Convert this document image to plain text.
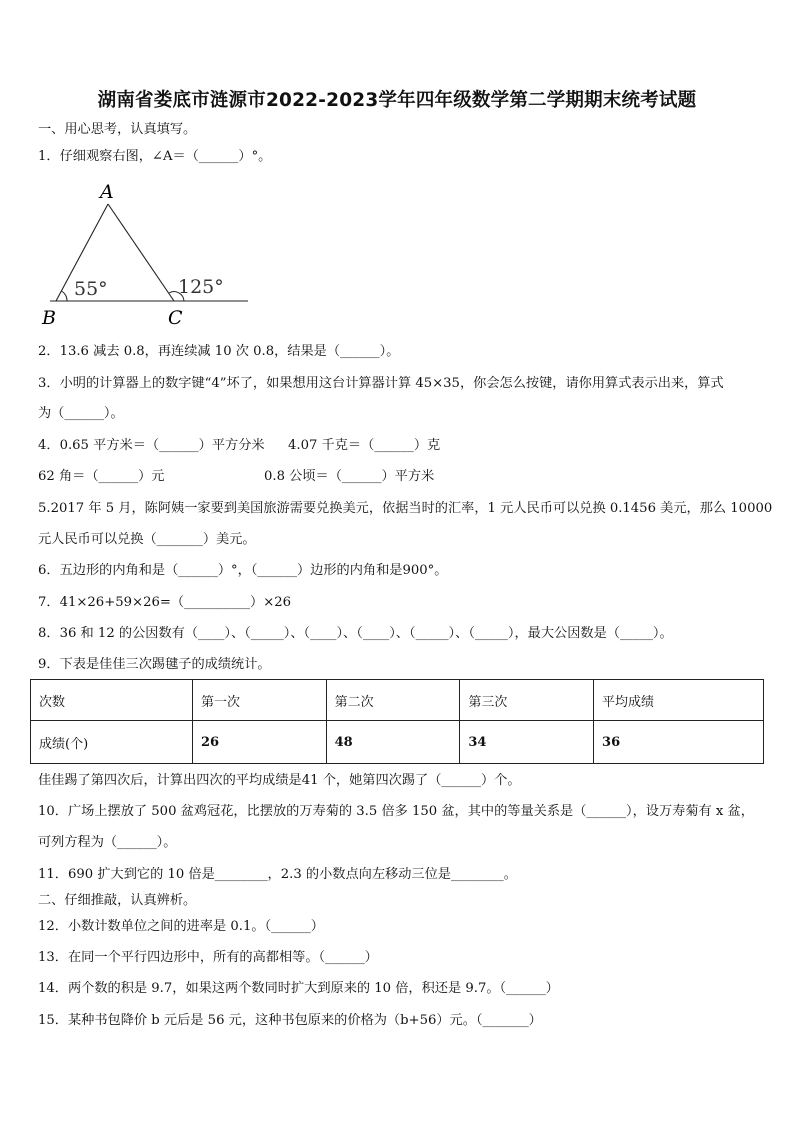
湖南省娄底市涟源市2022-2023学年四年级数学第二学期期末统考试题
一、用心思考，认真填写。
1．仔细观察右图，∠A＝（______）°。
A
B	C
55°	125°
2．13.6 减去 0.8，再连续减 10 次 0.8，结果是（______）。
3．小明的计算器上的数字键“4”坏了，如果想用这台计算器计算 45×35，你会怎么按键，请你用算式表示出来，算式
为（______）。
4．0.65 平方米＝（______）平方分米 4.07 千克＝（______）克
62 角＝（______）元	0.8 公顷＝（______）平方米
5.2017 年 5 月，陈阿姨一家要到美国旅游需要兑换美元，依据当时的汇率，1 元人民币可以兑换 0.1456 美元，那么 10000
元人民币可以兑换（_______）美元。
6．五边形的内角和是（______）°，（______）边形的内角和是900°。
7．41×26+59×26=（__________）×26
8．36 和 12 的公因数有（____）、（_____）、（____）、（____）、（_____）、（_____），最大公因数是（_____）。
9．下表是佳佳三次踢毽子的成绩统计。
次数	第一次	第二次	第三次	平均成绩
成绩(个)	26	48	34	36
佳佳踢了第四次后，计算出四次的平均成绩是41 个，她第四次踢了（______）个。
10．广场上摆放了 500 盆鸡冠花，比摆放的万寿菊的 3.5 倍多 150 盆，其中的等量关系是（______），设万寿菊有 x 盆，
可列方程为（______）。
11．690 扩大到它的 10 倍是________，2.3 的小数点向左移动三位是________。
二、仔细推敲，认真辨析。
12．小数计数单位之间的进率是 0.1。（______）
13．在同一个平行四边形中，所有的高都相等。（______）
14．两个数的积是 9.7，如果这两个数同时扩大到原来的 10 倍，积还是 9.7。（______）
15．某种书包降价 b 元后是 56 元，这种书包原来的价格为（b+56）元。（_______）
